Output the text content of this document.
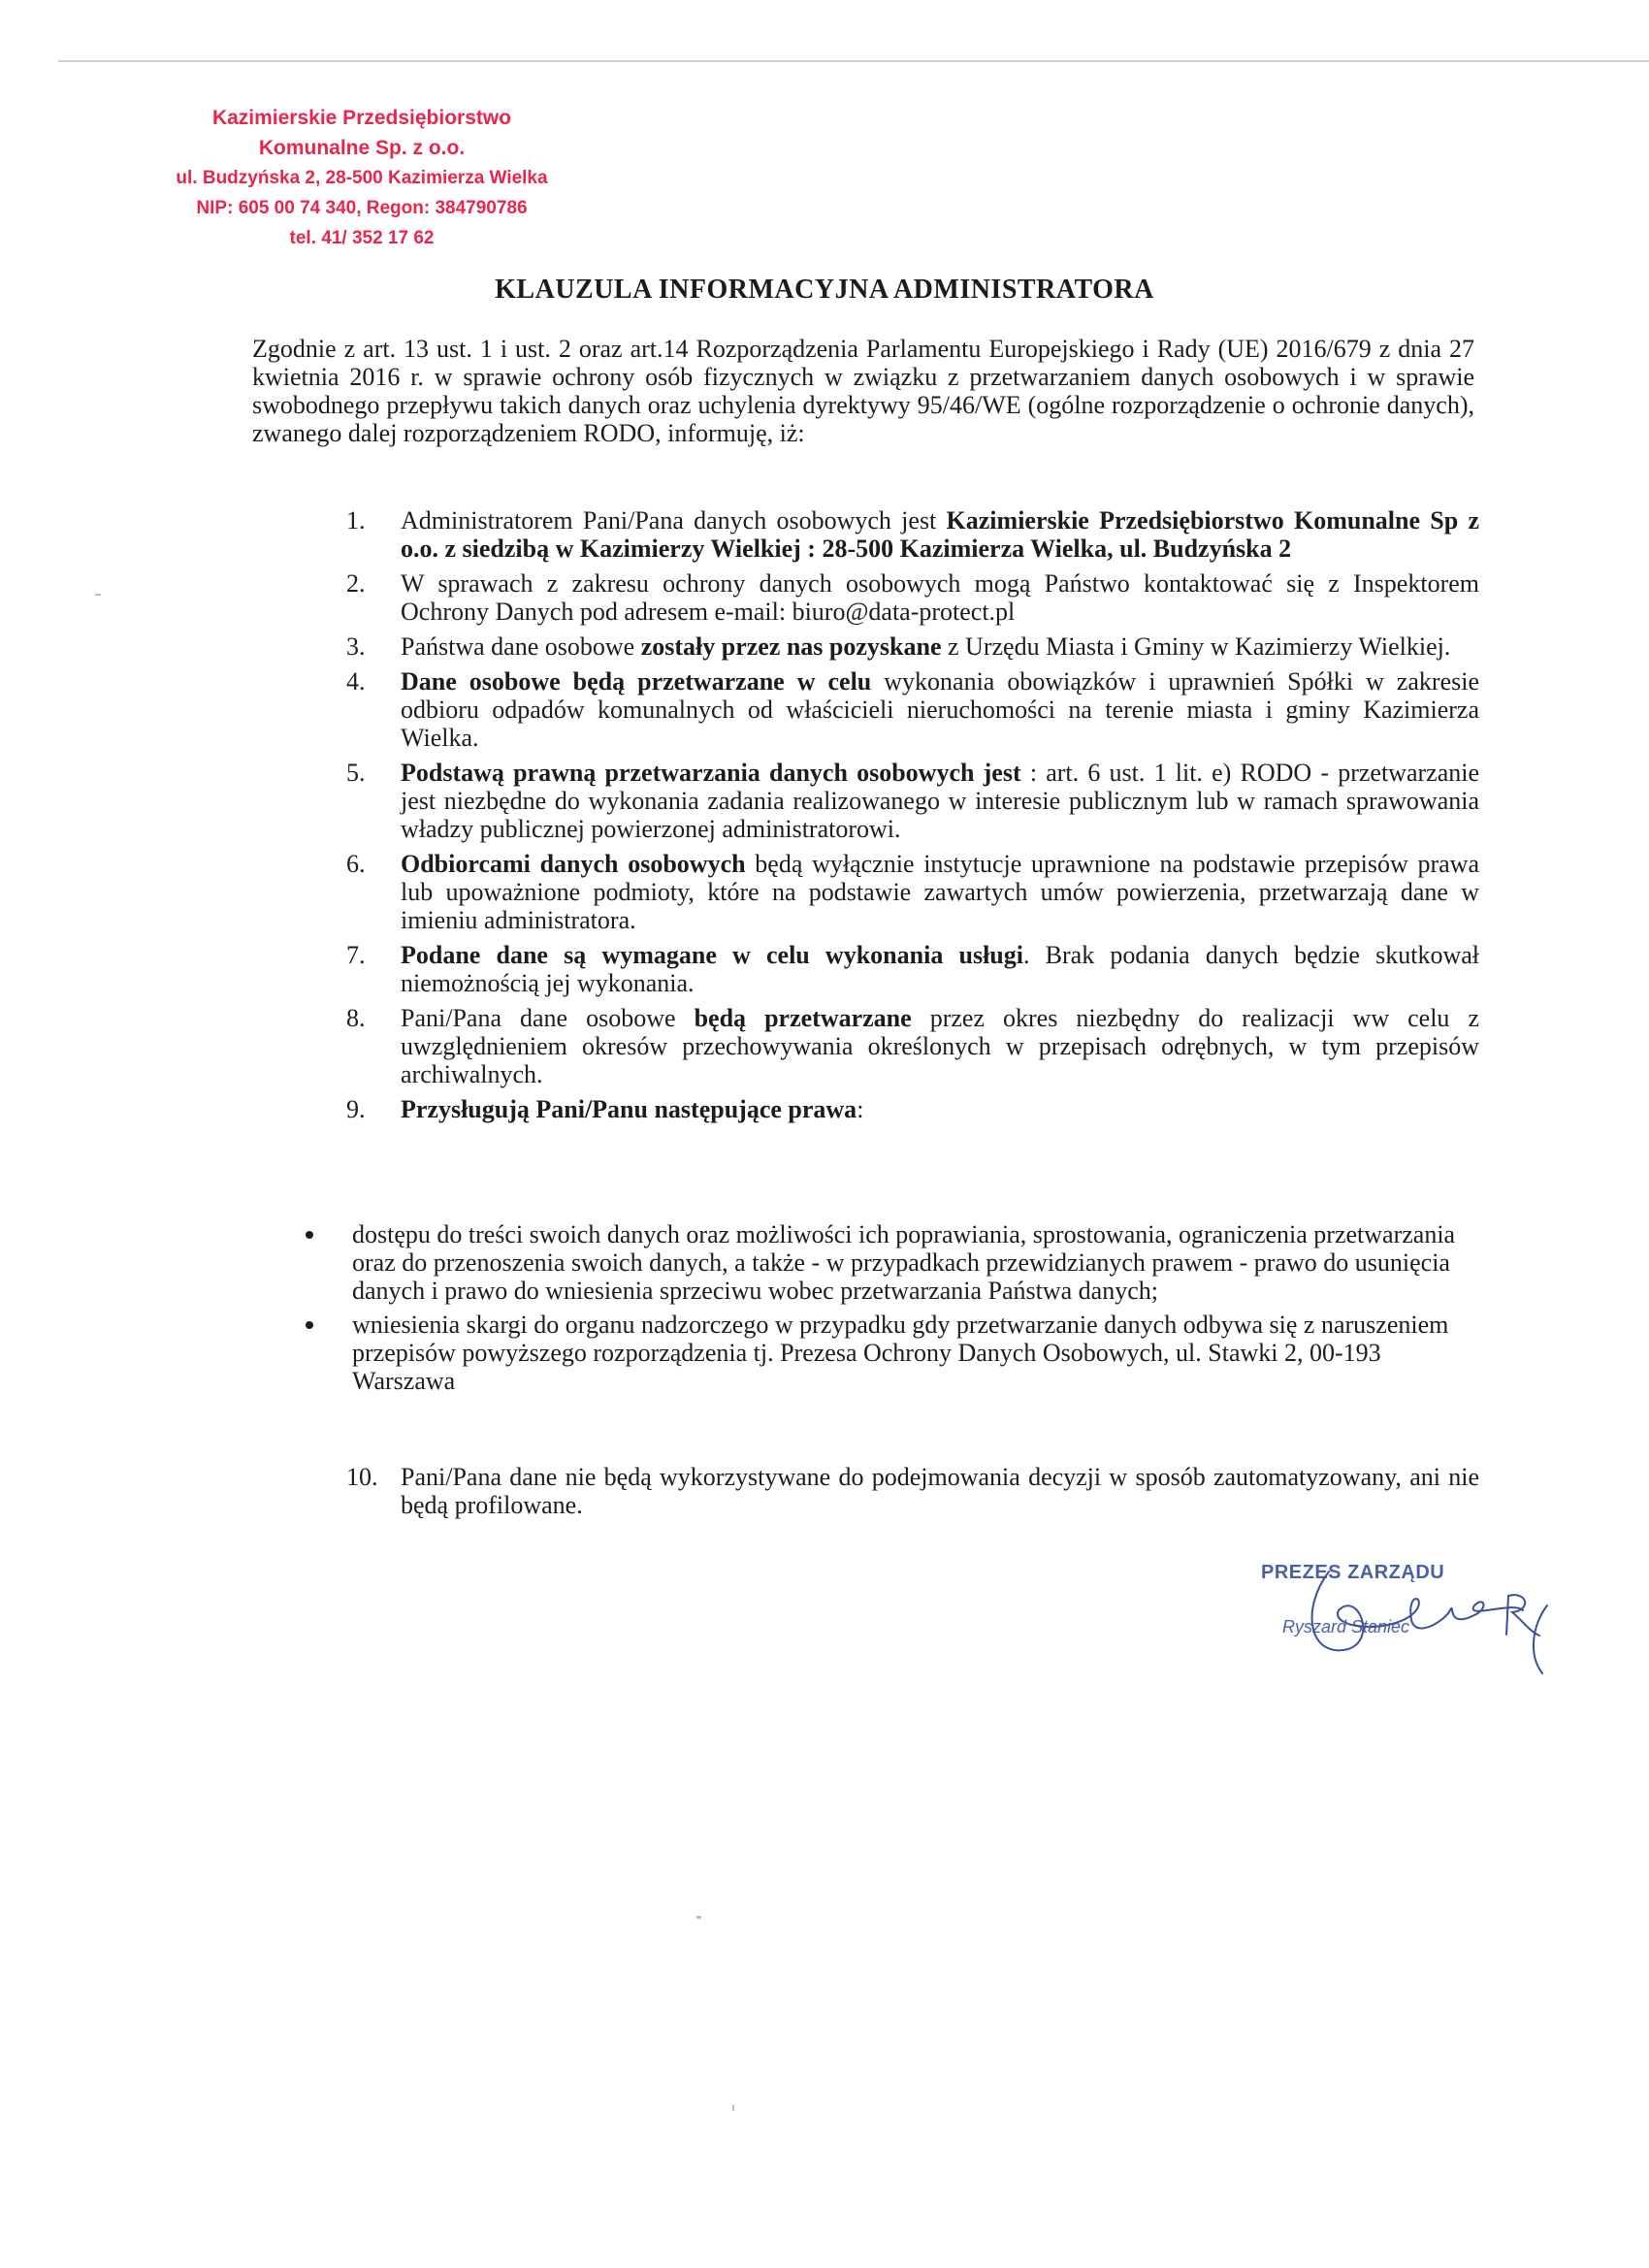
Kazimierskie Przedsiębiorstwo
Komunalne Sp. z o.o.
ul. Budzyńska 2, 28-500 Kazimierza Wielka
NIP: 605 00 74 340, Regon: 384790786
tel. 41/ 352 17 62
KLAUZULA INFORMACYJNA ADMINISTRATORA
Zgodnie z art. 13 ust. 1 i ust. 2 oraz art.14 Rozporządzenia Parlamentu Europejskiego i Rady (UE) 2016/679 z dnia 27 kwietnia 2016 r. w sprawie ochrony osób fizycznych w związku z przetwarzaniem danych osobowych i w sprawie swobodnego przepływu takich danych oraz uchylenia dyrektywy 95/46/WE (ogólne rozporządzenie o ochronie danych), zwanego dalej rozporządzeniem RODO, informuję, iż:
1. Administratorem Pani/Pana danych osobowych jest Kazimierskie Przedsiębiorstwo Komunalne Sp z o.o. z siedzibą w Kazimierzy Wielkiej : 28-500 Kazimierza Wielka, ul. Budzyńska 2
2. W sprawach z zakresu ochrony danych osobowych mogą Państwo kontaktować się z Inspektorem Ochrony Danych pod adresem e-mail: biuro@data-protect.pl
3. Państwa dane osobowe zostały przez nas pozyskane z Urzędu Miasta i Gminy w Kazimierzy Wielkiej.
4. Dane osobowe będą przetwarzane w celu wykonania obowiązków i uprawnień Spółki w zakresie odbioru odpadów komunalnych od właścicieli nieruchomości na terenie miasta i gminy Kazimierza Wielka.
5. Podstawą prawną przetwarzania danych osobowych jest : art. 6 ust. 1 lit. e) RODO - przetwarzanie jest niezbędne do wykonania zadania realizowanego w interesie publicznym lub w ramach sprawowania władzy publicznej powierzonej administratorowi.
6. Odbiorcami danych osobowych będą wyłącznie instytucje uprawnione na podstawie przepisów prawa lub upoważnione podmioty, które na podstawie zawartych umów powierzenia, przetwarzają dane w imieniu administratora.
7. Podane dane są wymagane w celu wykonania usługi. Brak podania danych będzie skutkował niemożnością jej wykonania.
8. Pani/Pana dane osobowe będą przetwarzane przez okres niezbędny do realizacji ww celu z uwzględnieniem okresów przechowywania określonych w przepisach odrębnych, w tym przepisów archiwalnych.
9. Przysługują Pani/Panu następujące prawa:
dostępu do treści swoich danych oraz możliwości ich poprawiania, sprostowania, ograniczenia przetwarzania oraz do przenoszenia swoich danych, a także - w przypadkach przewidzianych prawem - prawo do usunięcia danych i prawo do wniesienia sprzeciwu wobec przetwarzania Państwa danych;
wniesienia skargi do organu nadzorczego w przypadku gdy przetwarzanie danych odbywa się z naruszeniem przepisów powyższego rozporządzenia tj. Prezesa Ochrony Danych Osobowych, ul. Stawki 2, 00-193 Warszawa
10. Pani/Pana dane nie będą wykorzystywane do podejmowania decyzji w sposób zautomatyzowany, ani nie będą profilowane.
PREZES ZARZĄDU
Ryszard Staniec
